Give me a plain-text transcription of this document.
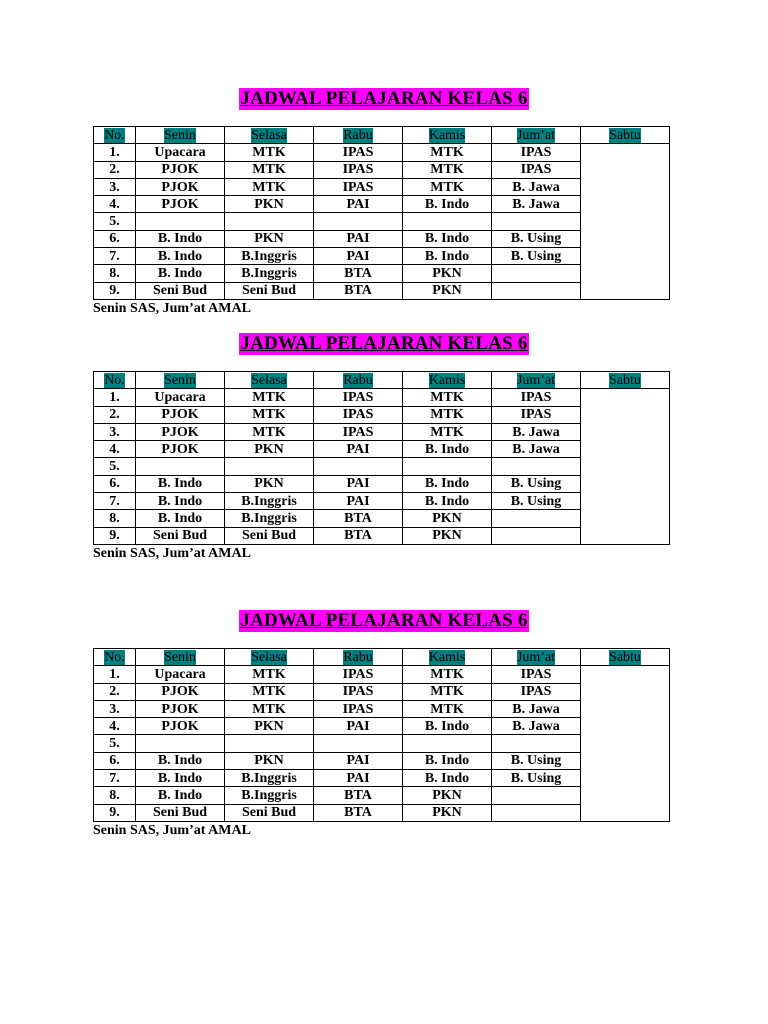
JADWAL PELAJARAN KELAS 6
No.	Senin	Selasa	Rabu	Kamis	Jum’at	Sabtu
1.	Upacara	MTK	IPAS	MTK	IPAS	
2.	PJOK	MTK	IPAS	MTK	IPAS	
3.	PJOK	MTK	IPAS	MTK	B. Jawa	
4.	PJOK	PKN	PAI	B. Indo	B. Jawa	
5.						
6.	B. Indo	PKN	PAI	B. Indo	B. Using	
7.	B. Indo	B.Inggris	PAI	B. Indo	B. Using	
8.	B. Indo	B.Inggris	BTA	PKN		
9.	Seni Bud	Seni Bud	BTA	PKN		
Senin SAS, Jum’at AMAL
JADWAL PELAJARAN KELAS 6
No.	Senin	Selasa	Rabu	Kamis	Jum’at	Sabtu
1.	Upacara	MTK	IPAS	MTK	IPAS	
2.	PJOK	MTK	IPAS	MTK	IPAS	
3.	PJOK	MTK	IPAS	MTK	B. Jawa	
4.	PJOK	PKN	PAI	B. Indo	B. Jawa	
5.						
6.	B. Indo	PKN	PAI	B. Indo	B. Using	
7.	B. Indo	B.Inggris	PAI	B. Indo	B. Using	
8.	B. Indo	B.Inggris	BTA	PKN		
9.	Seni Bud	Seni Bud	BTA	PKN		
Senin SAS, Jum’at AMAL
JADWAL PELAJARAN KELAS 6
No.	Senin	Selasa	Rabu	Kamis	Jum’at	Sabtu
1.	Upacara	MTK	IPAS	MTK	IPAS	
2.	PJOK	MTK	IPAS	MTK	IPAS	
3.	PJOK	MTK	IPAS	MTK	B. Jawa	
4.	PJOK	PKN	PAI	B. Indo	B. Jawa	
5.						
6.	B. Indo	PKN	PAI	B. Indo	B. Using	
7.	B. Indo	B.Inggris	PAI	B. Indo	B. Using	
8.	B. Indo	B.Inggris	BTA	PKN		
9.	Seni Bud	Seni Bud	BTA	PKN		
Senin SAS, Jum’at AMAL
